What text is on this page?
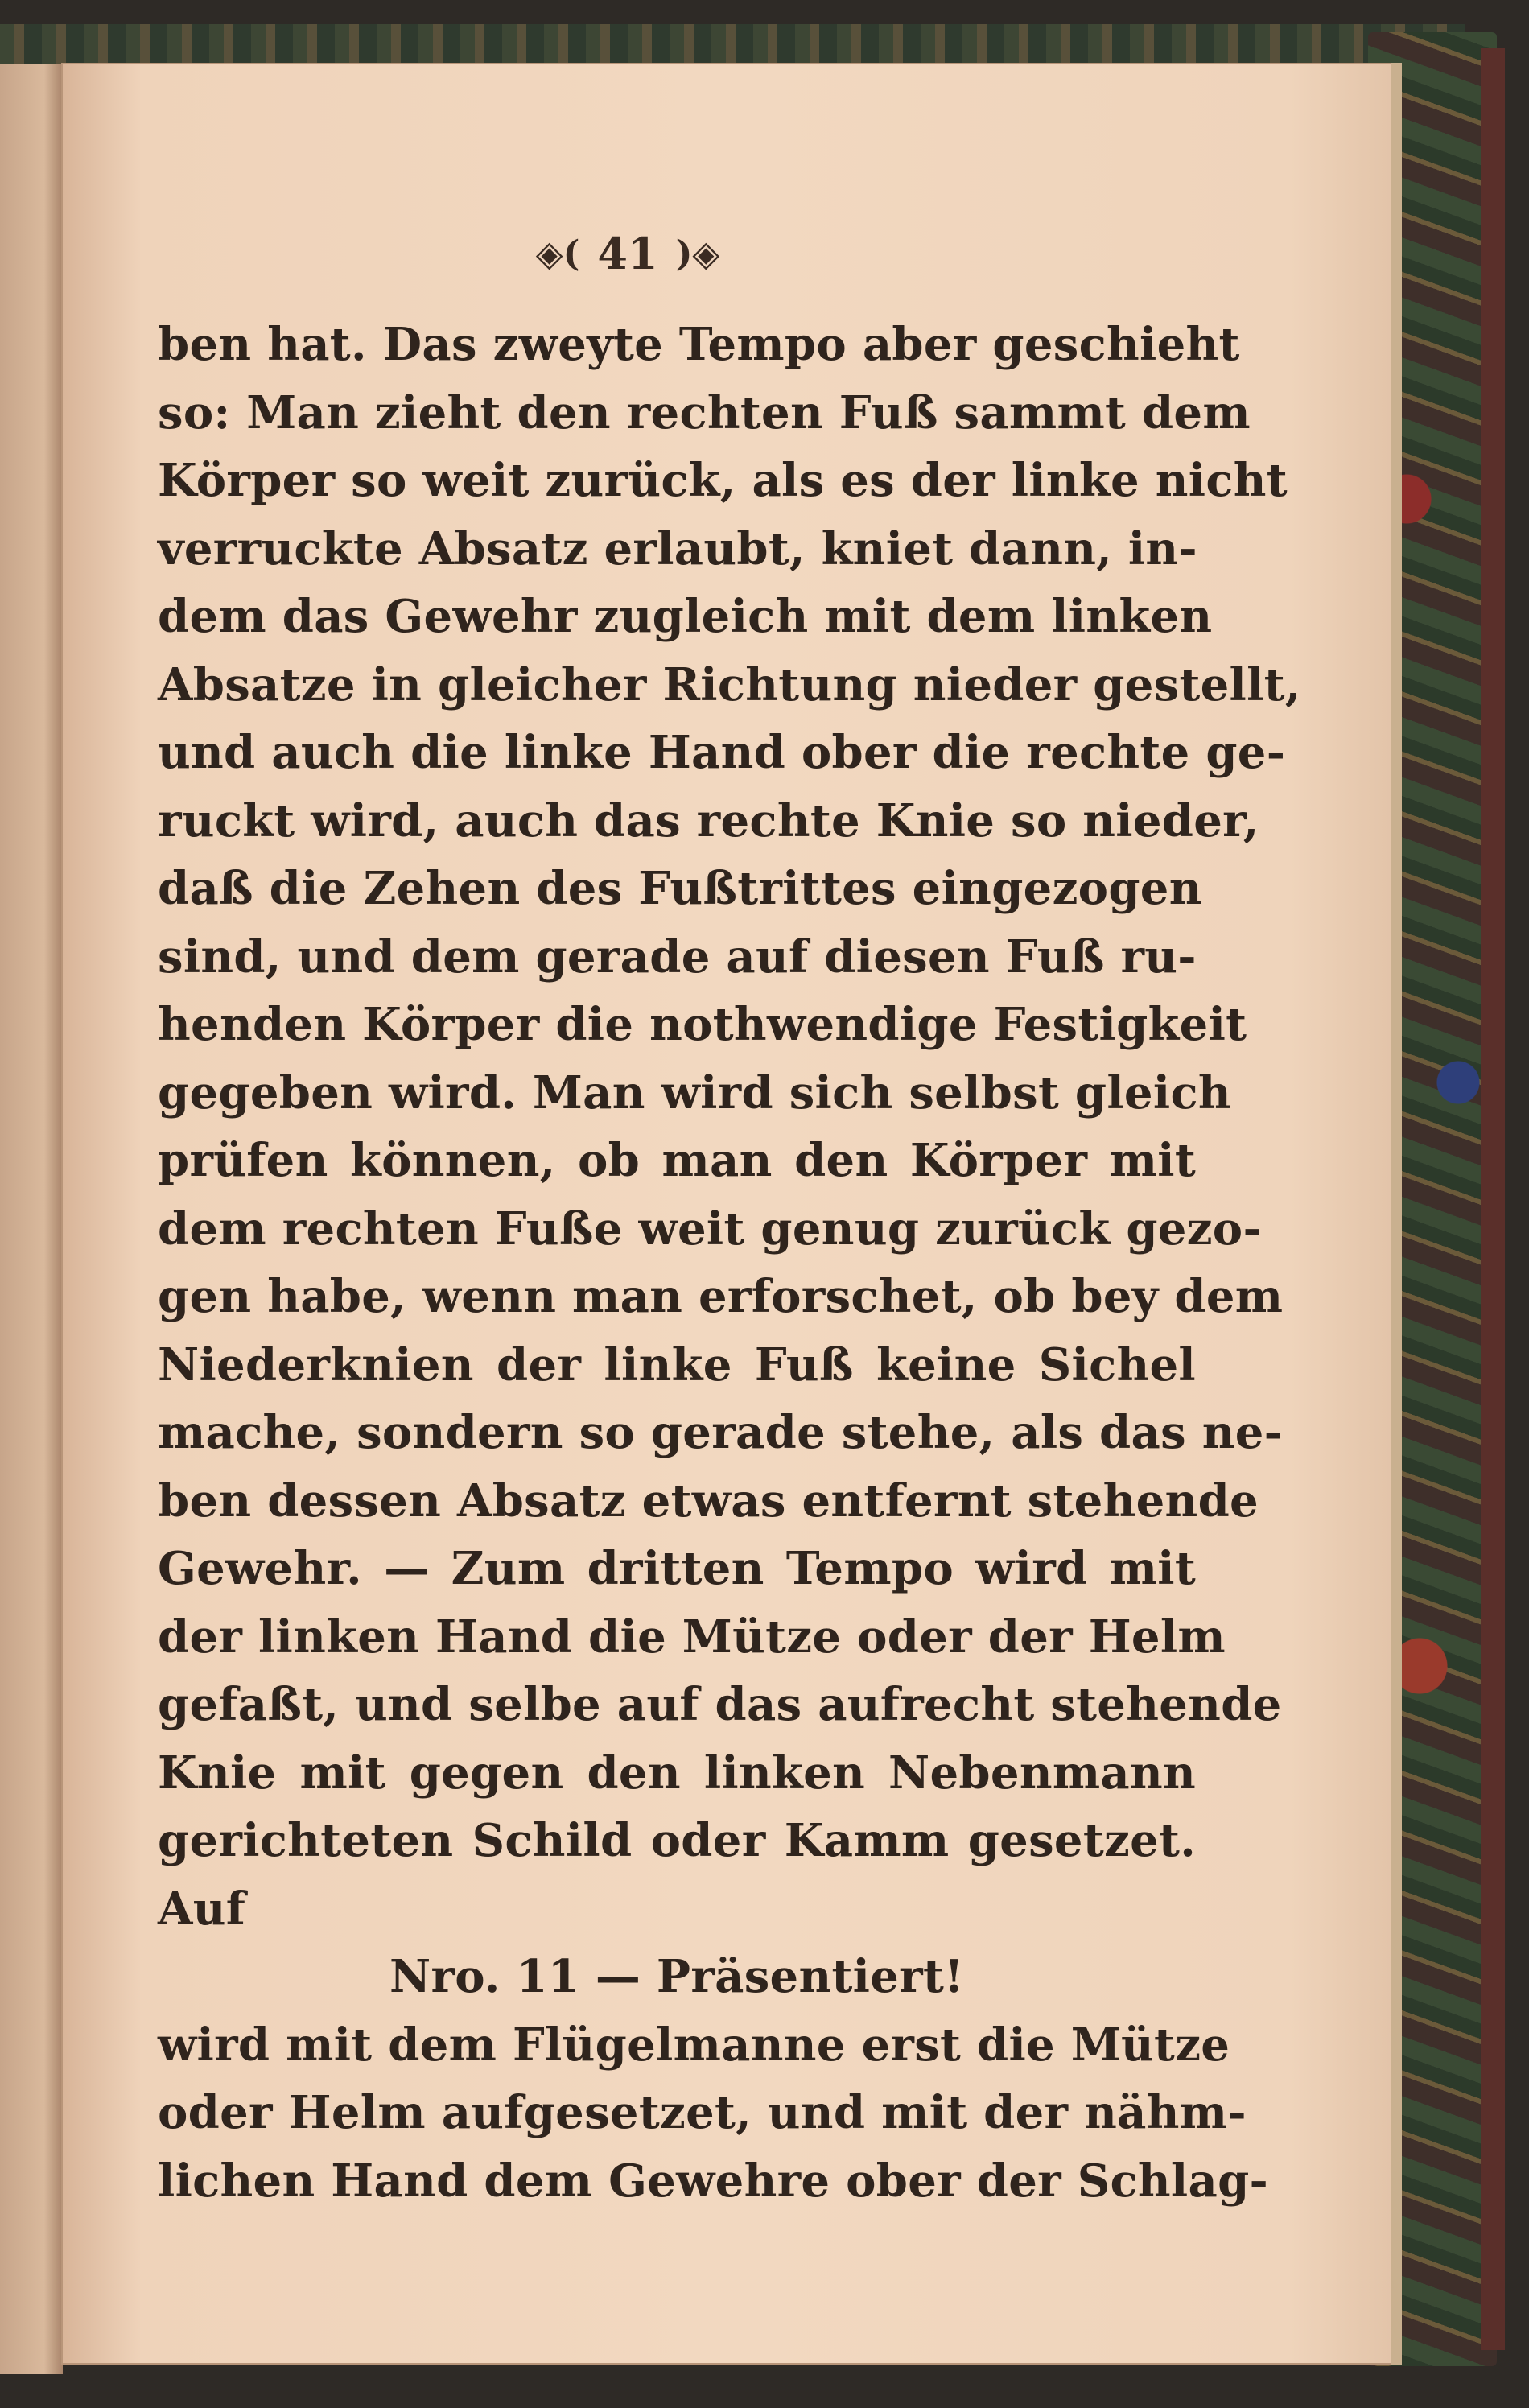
◈( 41 )◈
ben hat. Das zweyte Tempo aber geschieht
so: Man zieht den rechten Fuß sammt dem
Körper so weit zurück, als es der linke nicht
verruckte Absatz erlaubt, kniet dann, in-
dem das Gewehr zugleich mit dem linken
Absatze in gleicher Richtung nieder gestellt,
und auch die linke Hand ober die rechte ge-
ruckt wird, auch das rechte Knie so nieder,
daß die Zehen des Fußtrittes eingezogen
sind, und dem gerade auf diesen Fuß ru-
henden Körper die nothwendige Festigkeit
gegeben wird. Man wird sich selbst gleich
prüfen können, ob man den Körper mit
dem rechten Fuße weit genug zurück gezo-
gen habe, wenn man erforschet, ob bey dem
Niederknien der linke Fuß keine Sichel
mache, sondern so gerade stehe, als das ne-
ben dessen Absatz etwas entfernt stehende
Gewehr. — Zum dritten Tempo wird mit
der linken Hand die Mütze oder der Helm
gefaßt, und selbe auf das aufrecht stehende
Knie mit gegen den linken Nebenmann
gerichteten Schild oder Kamm gesetzet.
Auf
Nro. 11 — Präsentiert!
wird mit dem Flügelmanne erst die Mütze
oder Helm aufgesetzet, und mit der nähm-
lichen Hand dem Gewehre ober der Schlag-
